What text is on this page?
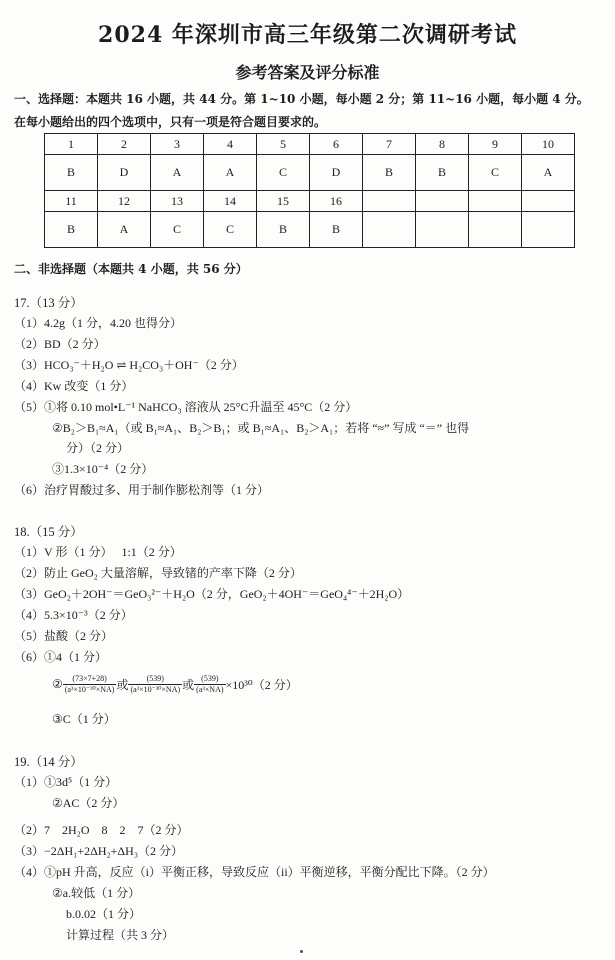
2024 年深圳市高三年级第二次调研考试
参考答案及评分标准
一、选择题：本题共 16 小题，共 44 分。第 1~10 小题，每小题 2 分；第 11~16 小题，每小题 4 分。在每小题给出的四个选项中，只有一项是符合题目要求的。
1	2	3	4	5	6	7	8	9	10
B	D	A	A	C	D	B	B	C	A
11	12	13	14	15	16				
B	A	C	C	B	B				
二、非选择题（本题共 4 小题，共 56 分）
17.（13 分）
（1）4.2g（1 分，4.20 也得分）
（2）BD（2 分）
（3）HCO₃⁻＋H₂O ⇌ H₂CO₃＋OH⁻（2 分）
（4）Kw 改变（1 分）
（5）①将 0.10 mol•L⁻¹ NaHCO₃ 溶液从 25°C升温至 45°C（2 分）
②B₂＞B₁≈A₁（或 B₁≈A₁、B₂＞B₁；或 B₁≈A₁、B₂＞A₁；若将 “≈” 写成 “＝” 也得
分）（2 分）
③1.3×10⁻⁴（2 分）
（6）治疗胃酸过多、用于制作膨松剂等（1 分）
18.（15 分）
（1）V 形（1 分）　 1:1（2 分）
（2）防止 GeO₂ 大量溶解，导致锗的产率下降（2 分）
（3）GeO₂＋2OH⁻＝GeO₃²⁻＋H₂O（2 分，GeO₂＋4OH⁻＝GeO₄⁴⁻＋2H₂O）
（4）5.3×10⁻³（2 分）
（5）盐酸（2 分）
（6）①4（1 分）
② $\frac{(73\times 7+28)}{\text{(a³×10⁻³⁰×NA)}}$ 或 $\frac{(539)}{\text{(a³×10⁻³⁰×NA)}}$ 或 $\frac{(539)}{\text{(a³×NA)}} \times 10^{30}(2$ 分）
③C（1 分）
19.（14 分）
（1）①3d⁵（1 分）
②AC（2 分）
（2）7　2H₂O　8　2　7（2 分）
（3）−2ΔH₁+2ΔH₂+ΔH₃（2 分）
（4）①pH 升高，反应（i）平衡正移，导致反应（ii）平衡逆移，平衡分配比下降。（2 分）
②a.较低（1 分）
b.0.02（1 分）
计算过程（共 3 分）
